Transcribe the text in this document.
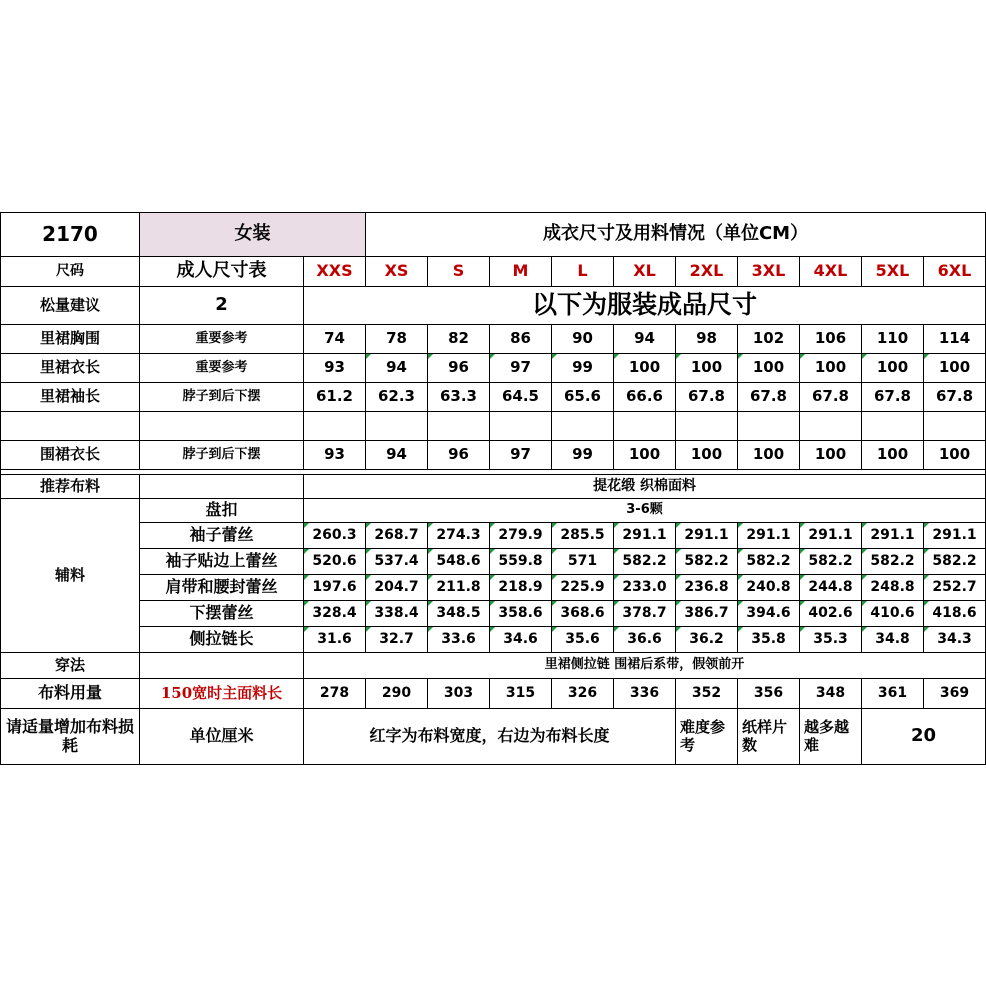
2170	女装		成衣尺寸及用料情况（单位CM）									
尺码	成人尺寸表	XXS	XS	S	M	L	XL	2XL	3XL	4XL	5XL	6XL
松量建议	2	以下为服装成品尺寸										
里裙胸围	重要参考	74	78	82	86	90	94	98	102	106	110	114
里裙衣长	重要参考	93	94	96	97	99	100	100	100	100	100	100
里裙袖长	脖子到后下摆	61.2	62.3	63.3	64.5	65.6	66.6	67.8	67.8	67.8	67.8	67.8

围裙衣长	脖子到后下摆	93	94	96	97	99	100	100	100	100	100	100

推荐布料		提花缎 织棉面料										
辅料	盘扣	3-6颗										
	袖子蕾丝	260.3	268.7	274.3	279.9	285.5	291.1	291.1	291.1	291.1	291.1	291.1
	袖子贴边上蕾丝	520.6	537.4	548.6	559.8	571	582.2	582.2	582.2	582.2	582.2	582.2
	肩带和腰封蕾丝	197.6	204.7	211.8	218.9	225.9	233.0	236.8	240.8	244.8	248.8	252.7
	下摆蕾丝	328.4	338.4	348.5	358.6	368.6	378.7	386.7	394.6	402.6	410.6	418.6
	侧拉链长	31.6	32.7	33.6	34.6	35.6	36.6	36.2	35.8	35.3	34.8	34.3
穿法		里裙侧拉链 围裙后系带，假领前开										
布料用量	150宽时主面料长	278	290	303	315	326	336	352	356	348	361	369
请适量增加布料损耗	单位厘米	红字为布料宽度，右边为布料长度						难度参考	纸样片数	越多越难	20	
